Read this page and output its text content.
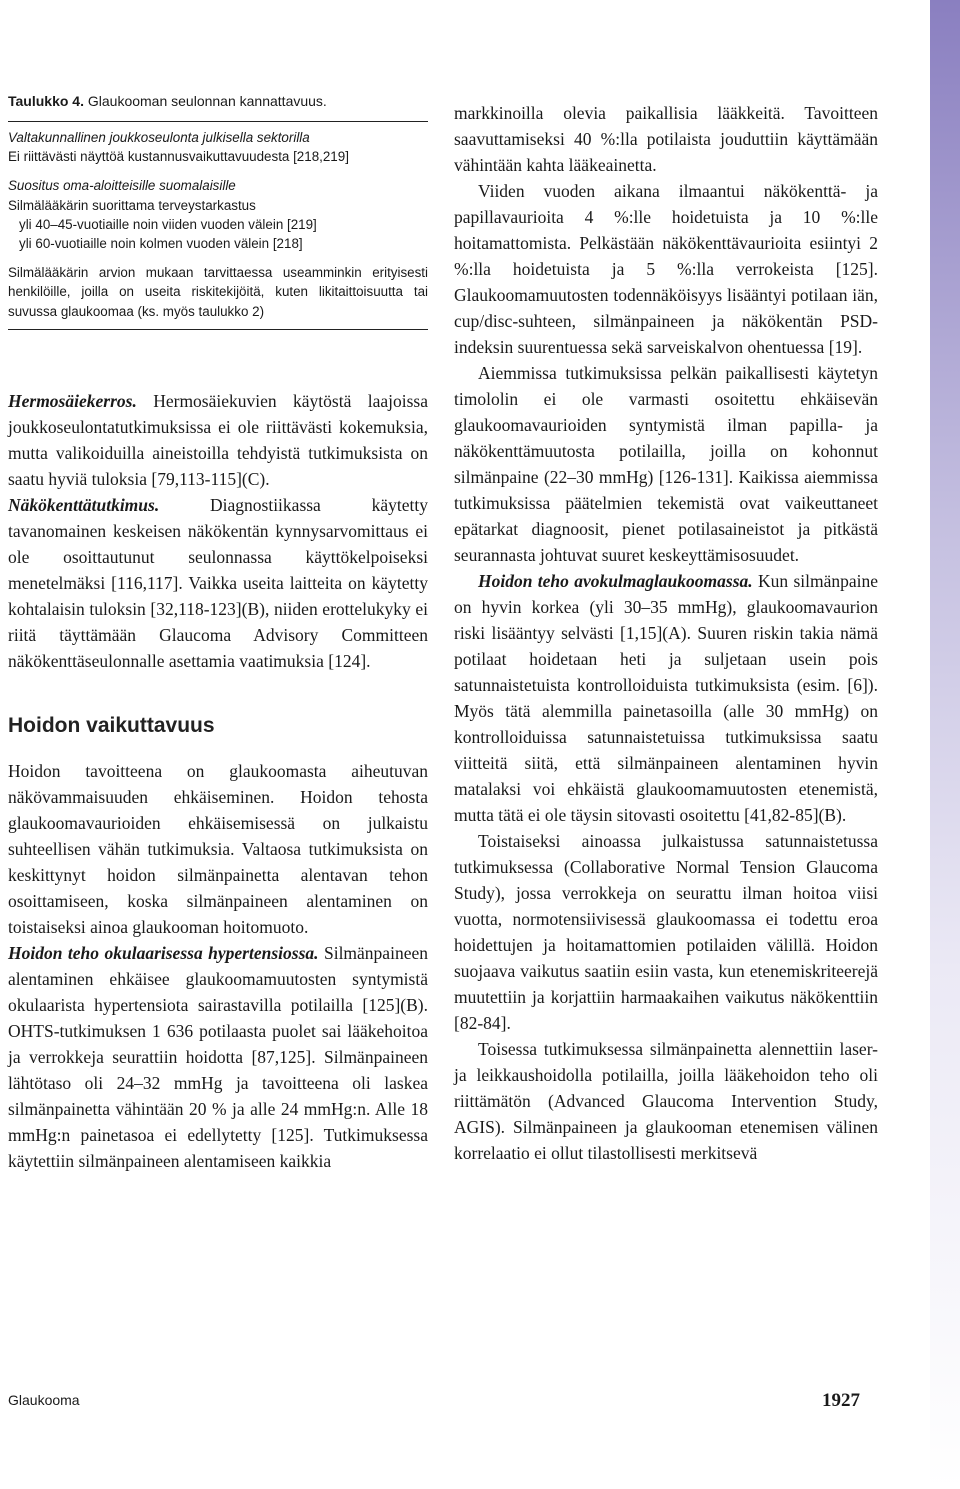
Taulukko 4. Glaukooman seulonnan kannattavuus.

Valtakunnallinen joukkoseulonta julkisella sektorilla
Ei riittävästi näyttöä kustannusvaikuttavuudesta [218,219]
Suositus oma-aloitteisille suomalaisille
Silmälääkärin suorittama terveystarkastus
yli 40–45-vuotiaille noin viiden vuoden välein [219]
yli 60-vuotiaille noin kolmen vuoden välein [218]
Silmälääkärin arvion mukaan tarvittaessa useamminkin erityisesti henkilöille, joilla on useita riskitekijöitä, kuten likitaittoisuutta tai suvussa glaukoomaa (ks. myös taulukko 2)

Hermosäiekerros. Hermosäiekuvien käytöstä laajoissa joukkoseulontatutkimuksissa ei ole riittävästi kokemuksia, mutta valikoiduilla aineistoilla tehdyistä tutkimuksista on saatu hyviä tuloksia [79,113-115](C).

Näkökenttätutkimus. Diagnostiikassa käytetty tavanomainen keskeisen näkökentän kynnysarvomittaus ei ole osoittautunut seulonnassa käyttökelpoiseksi menetelmäksi [116,117]. Vaikka useita laitteita on käytetty kohtalaisin tuloksin [32,118-123](B), niiden erottelukyky ei riitä täyttämään Glaucoma Advisory Committeen näkökenttäseulonnalle asettamia vaatimuksia [124].

Hoidon vaikuttavuus

Hoidon tavoitteena on glaukoomasta aiheutuvan näkövammaisuuden ehkäiseminen. Hoidon tehosta glaukoomavaurioiden ehkäisemisessä on julkaistu suhteellisen vähän tutkimuksia. Valtaosa tutkimuksista on keskittynyt hoidon silmänpainetta alentavan tehon osoittamiseen, koska silmänpaineen alentaminen on toistaiseksi ainoa glaukooman hoitomuoto.

Hoidon teho okulaarisessa hypertensiossa. Silmänpaineen alentaminen ehkäisee glaukoomamuutosten syntymistä okulaarista hypertensiota sairastavilla potilailla [125](B). OHTS-tutkimuksen 1 636 potilaasta puolet sai lääkehoitoa ja verrokkeja seurattiin hoidotta [87,125]. Silmänpaineen lähtötaso oli 24–32 mmHg ja tavoitteena oli laskea silmänpainetta vähintään 20 % ja alle 24 mmHg:n. Alle 18 mmHg:n painetasoa ei edellytetty [125]. Tutkimuksessa käytettiin silmänpaineen alentamiseen kaikkia

markkinoilla olevia paikallisia lääkkeitä. Tavoitteen saavuttamiseksi 40 %:lla potilaista jouduttiin käyttämään vähintään kahta lääkeainetta.

Viiden vuoden aikana ilmaantui näkökenttä- ja papillavaurioita 4 %:lle hoidetuista ja 10 %:lle hoitamattomista. Pelkästään näkökenttävaurioita esiintyi 2 %:lla hoidetuista ja 5 %:lla verrokeista [125]. Glaukoomamuutosten todennäköisyys lisääntyi potilaan iän, cup/disc-suhteen, silmänpaineen ja näkökentän PSD-indeksin suurentuessa sekä sarveiskalvon ohentuessa [19].

Aiemmissa tutkimuksissa pelkän paikallisesti käytetyn timololin ei ole varmasti osoitettu ehkäisevän glaukoomavaurioiden syntymistä ilman papilla- ja näkökenttämuutosta potilailla, joilla on kohonnut silmänpaine (22–30 mmHg) [126-131]. Kaikissa aiemmissa tutkimuksissa päätelmien tekemistä ovat vaikeuttaneet epätarkat diagnoosit, pienet potilasaineistot ja pitkästä seurannasta johtuvat suuret keskeyttämisosuudet.

Hoidon teho avokulmaglaukoomassa. Kun silmänpaine on hyvin korkea (yli 30–35 mmHg), glaukoomavaurion riski lisääntyy selvästi [1,15](A). Suuren riskin takia nämä potilaat hoidetaan heti ja suljetaan usein pois satunnaistetuista kontrolloiduista tutkimuksista (esim. [6]). Myös tätä alemmilla painetasoilla (alle 30 mmHg) on kontrolloiduissa satunnaistetuissa tutkimuksissa saatu viitteitä siitä, että silmänpaineen alentaminen hyvin matalaksi voi ehkäistä glaukoomamuutosten etenemistä, mutta tätä ei ole täysin sitovasti osoitettu [41,82-85](B).

Toistaiseksi ainoassa julkaistussa satunnaistetussa tutkimuksessa (Collaborative Normal Tension Glaucoma Study), jossa verrokkeja on seurattu ilman hoitoa viisi vuotta, normotensiivisessä glaukoomassa ei todettu eroa hoidettujen ja hoitamattomien potilaiden välillä. Hoidon suojaava vaikutus saatiin esiin vasta, kun etenemiskriteerejä muutettiin ja korjattiin harmaakaihen vaikutus näkökenttiin [82-84].

Toisessa tutkimuksessa silmänpainetta alennettiin laser- ja leikkaushoidolla potilailla, joilla lääkehoidon teho oli riittämätön (Advanced Glaucoma Intervention Study, AGIS). Silmänpaineen ja glaukooman etenemisen välinen korrelaatio ei ollut tilastollisesti merkitsevä

Glaukooma	1927
